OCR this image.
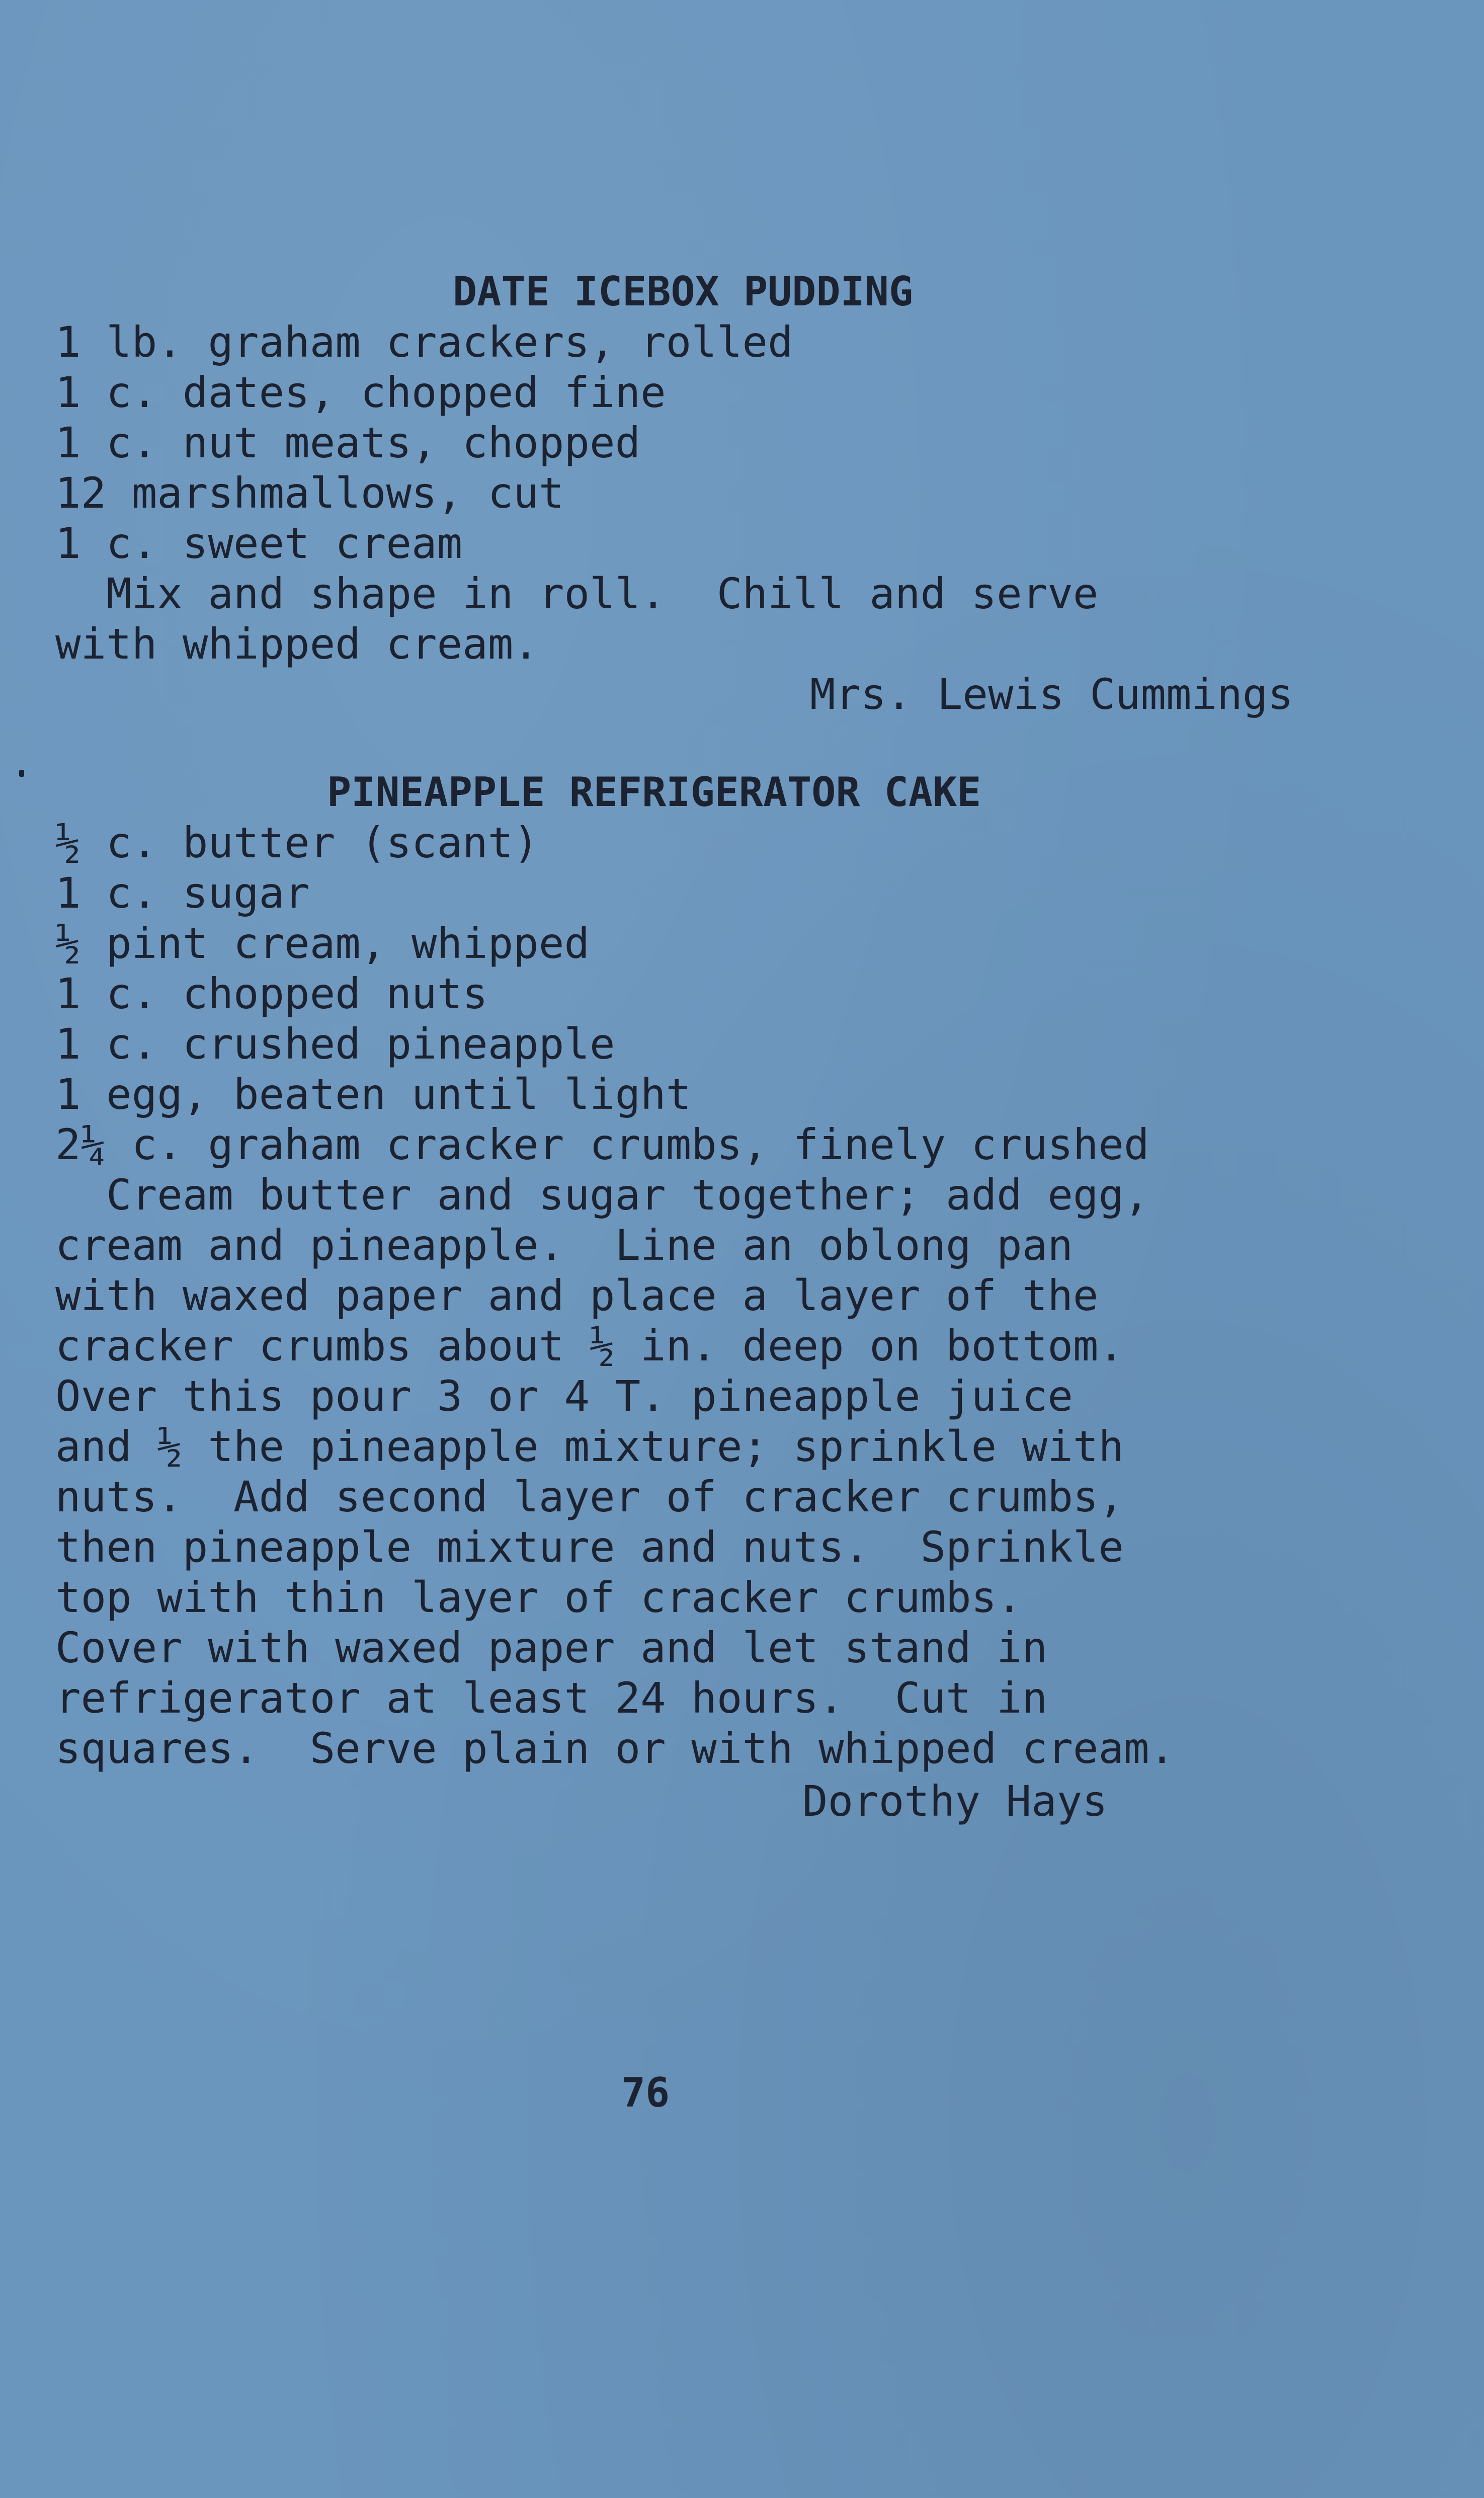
DATE ICEBOX PUDDING
1 lb. graham crackers, rolled
1 c. dates, chopped fine
1 c. nut meats, chopped
12 marshmallows, cut
1 c. sweet cream
Mix and shape in roll.  Chill and serve
with whipped cream.
Mrs. Lewis Cummings
PINEAPPLE REFRIGERATOR CAKE
½ c. butter (scant)
1 c. sugar
½ pint cream, whipped
1 c. chopped nuts
1 c. crushed pineapple
1 egg, beaten until light
2¼ c. graham cracker crumbs, finely crushed
Cream butter and sugar together; add egg,
cream and pineapple.  Line an oblong pan
with waxed paper and place a layer of the
cracker crumbs about ½ in. deep on bottom.
Over this pour 3 or 4 T. pineapple juice
and ½ the pineapple mixture; sprinkle with
nuts.  Add second layer of cracker crumbs,
then pineapple mixture and nuts.  Sprinkle
top with thin layer of cracker crumbs.
Cover with waxed paper and let stand in
refrigerator at least 24 hours.  Cut in
squares.  Serve plain or with whipped cream.
Dorothy Hays
76
